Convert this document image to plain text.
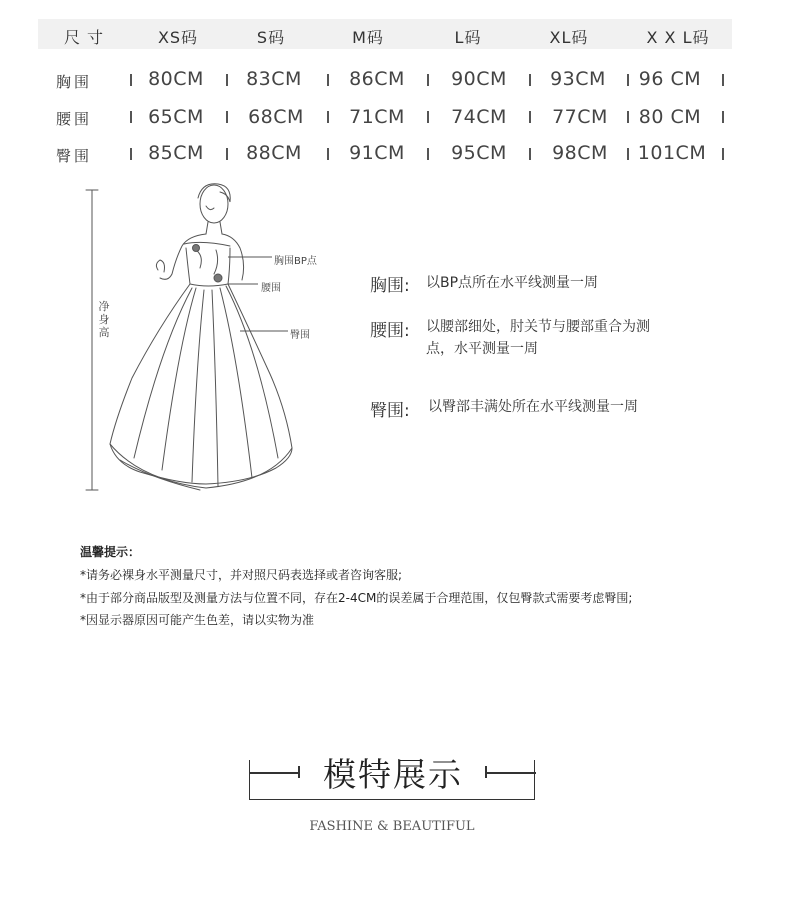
尺 寸	XS码	S码	M码	L码	XL码	X X L码
胸围	80CM 83CM 86CM 90CM 93CM 96 CM
腰围	65CM 68CM 71CM 74CM 77CM 80 CM
臀围	85CM 88CM 91CM 95CM 98CM 101CM
净身高
胸围BP点
腰围
臀围
胸围: 以BP点所在水平线测量一周
腰围: 以腰部细处，肘关节与腰部重合为测
点，水平测量一周
臀围: 以臀部丰满处所在水平线测量一周
温馨提示：
*请务必裸身水平测量尺寸，并对照尺码表选择或者咨询客服;
*由于部分商品版型及测量方法与位置不同，存在2-4CM的误差属于合理范围，仅包臀款式需要考虑臀围;
*因显示器原因可能产生色差，请以实物为准
模特展示
FASHINE & BEAUTIFUL
